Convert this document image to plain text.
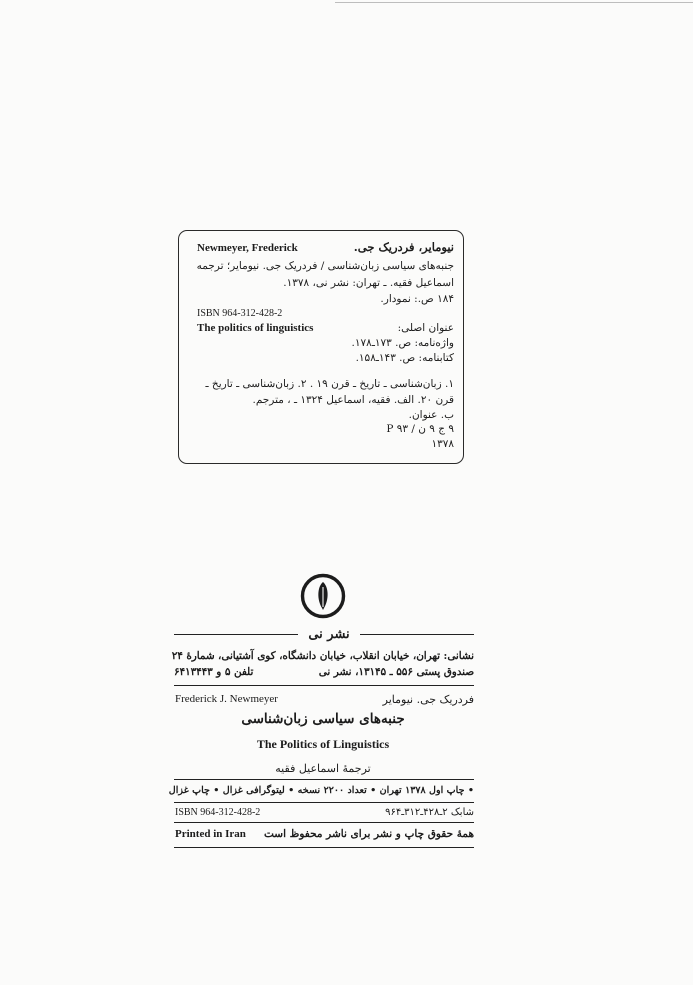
نیومایر، فردریک جی.
Newmeyer, Frederick
جنبه‌های سیاسی زبان‌شناسی / فردریک جی. نیومایر؛ ترجمه
اسماعیل فقیه. ـ تهران: نشر نی، ۱۳۷۸.
۱۸۴ ص.: نمودار.
ISBN 964-312-428-2
عنوان اصلی:
The politics of linguistics
واژه‌نامه: ص. ۱۷۳ـ۱۷۸.
کتابنامه: ص. ۱۴۳ـ۱۵۸.
۱. زبان‌شناسی ـ تاریخ ـ قرن ۱۹ . ۲. زبان‌شناسی ـ تاریخ ـ
قرن ۲۰. الف. فقیه، اسماعیل ۱۳۲۴ ـ ، مترجم.
ب. عنوان.
۹ ج ۹ ن / P ۹۳
۱۳۷۸
نشر نی
نشانی: تهران، خیابان انقلاب، خیابان دانشگاه، کوی آشتیانی، شمارهٔ ۲۴
صندوق پستی ۵۵۶ ـ ۱۳۱۴۵، نشر نی
تلفن ۵ و ۶۴۱۳۴۴۳
Frederick J. Newmeyer	فردریک جی. نیومایر
جنبه‌های سیاسی زبان‌شناسی
The Politics of Linguistics
ترجمهٔ اسماعیل فقیه
• چاپ اول ۱۳۷۸ تهران • تعداد ۲۲۰۰ نسخه • لیتوگرافی غزال • چاپ غزال
شابک ۲ـ۴۲۸ـ۳۱۲ـ۹۶۴
ISBN 964-312-428-2
Printed in Iran	همهٔ حقوق چاپ و نشر برای ناشر محفوظ است
